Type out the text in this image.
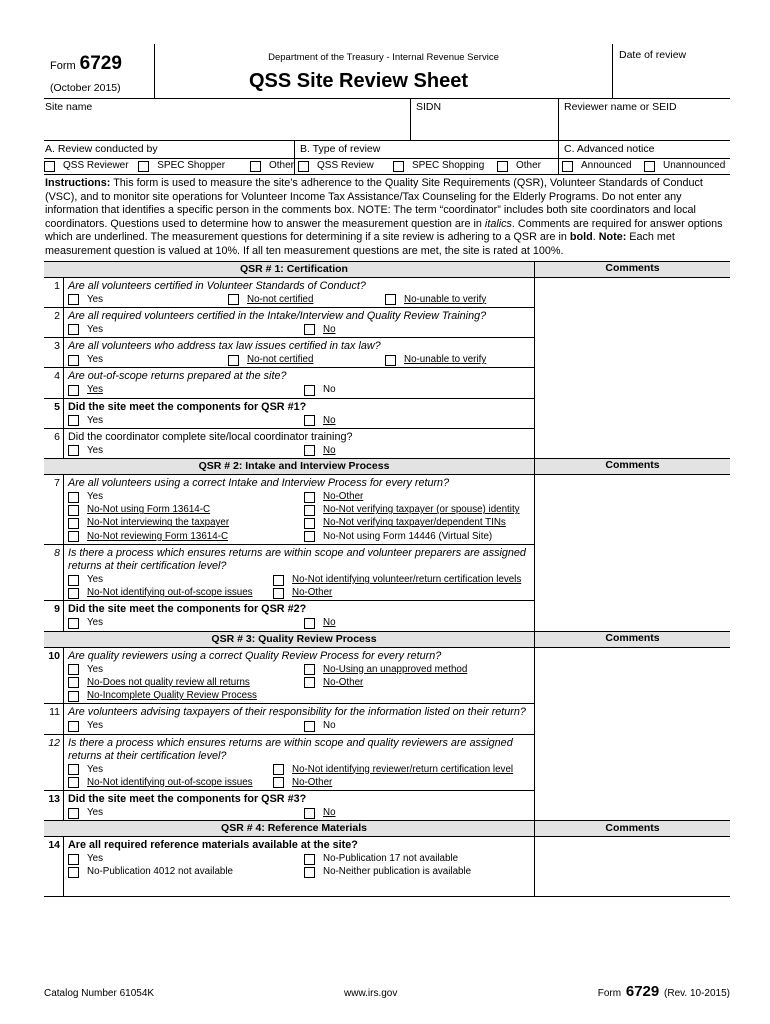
Form 6729
(October 2015)
Department of the Treasury - Internal Revenue Service
QSS Site Review Sheet
Date of review
Site name	SIDN	Reviewer name or SEID
A. Review conducted by	B. Type of review	C. Advanced notice
QSS Reviewer	SPEC Shopper	Other QSS Review	SPEC Shopping	Other	Announced	Unannounced
Instructions: This form is used to measure the site’s adherence to the Quality Site Requirements (QSR), Volunteer Standards of Conduct (VSC), and to monitor site operations for Volunteer Income Tax Assistance/Tax Counseling for the Elderly Programs. Do not enter any information that identifies a specific person in the comments box. NOTE: The term “coordinator” includes both site coordinators and local coordinators. Questions used to determine how to answer the measurement question are in italics. Comments are required for answer options which are underlined. The measurement questions for determining if a site review is adhering to a QSR are in bold. Note: Each met measurement question is valued at 10%. If all ten measurement questions are met, the site is rated at 100%.
QSR # 1: Certification	Comments
1 Are all volunteers certified in Volunteer Standards of Conduct?
Yes	No-not certified	No-unable to verify
2 Are all required volunteers certified in the Intake/Interview and Quality Review Training?
Yes	No
3 Are all volunteers who address tax law issues certified in tax law?
Yes	No-not certified	No-unable to verify
4 Are out-of-scope returns prepared at the site?
Yes	No
5 Did the site meet the components for QSR #1?
Yes	No
6 Did the coordinator complete site/local coordinator training?
Yes	No
QSR # 2: Intake and Interview Process	Comments
7 Are all volunteers using a correct Intake and Interview Process for every return?
Yes	No-Other
No-Not using Form 13614-C	No-Not verifying taxpayer (or spouse) identity
No-Not interviewing the taxpayer	No-Not verifying taxpayer/dependent TINs
No-Not reviewing Form 13614-C	No-Not using Form 14446 (Virtual Site)
8 Is there a process which ensures returns are within scope and volunteer preparers are assigned returns at their certification level?
Yes	No-Not identifying volunteer/return certification levels
No-Not identifying out-of-scope issues	No-Other
9 Did the site meet the components for QSR #2?
Yes	No
QSR # 3: Quality Review Process	Comments
10 Are quality reviewers using a correct Quality Review Process for every return?
Yes	No-Using an unapproved method
No-Does not quality review all returns	No-Other
No-Incomplete Quality Review Process
11 Are volunteers advising taxpayers of their responsibility for the information listed on their return?
Yes	No
12 Is there a process which ensures returns are within scope and quality reviewers are assigned returns at their certification level?
Yes	No-Not identifying reviewer/return certification level
No-Not identifying out-of-scope issues	No-Other
13 Did the site meet the components for QSR #3?
Yes	No
QSR # 4: Reference Materials	Comments
14 Are all required reference materials available at the site?
Yes	No-Publication 17 not available
No-Publication 4012 not available	No-Neither publication is available
Catalog Number 61054K	www.irs.gov	Form 6729 (Rev. 10-2015)
